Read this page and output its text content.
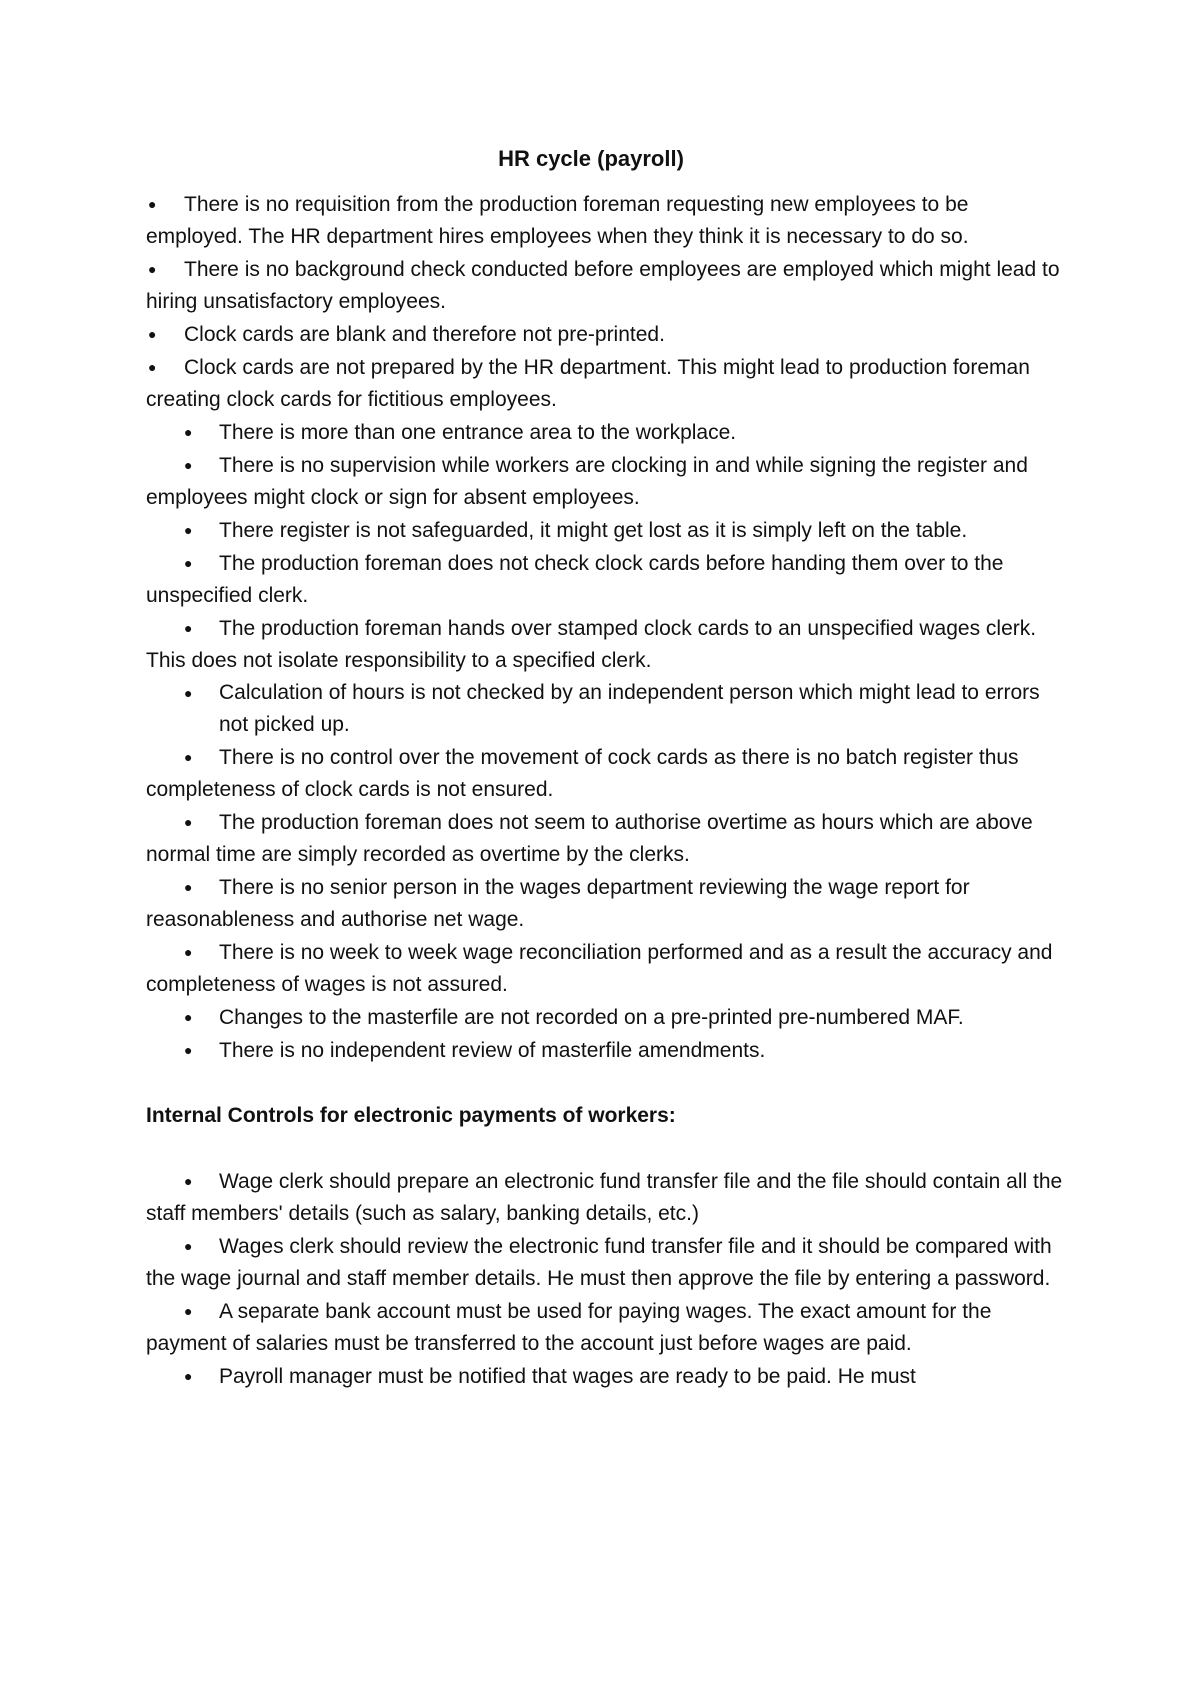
HR cycle (payroll)
● There is no requisition from the production foreman requesting new employees to be employed. The HR department hires employees when they think it is necessary to do so.
● There is no background check conducted before employees are employed which might lead to hiring unsatisfactory employees.
● Clock cards are blank and therefore not pre-printed.
● Clock cards are not prepared by the HR department. This might lead to production foreman creating clock cards for fictitious employees.
● There is more than one entrance area to the workplace.
● There is no supervision while workers are clocking in and while signing the register and employees might clock or sign for absent employees.
● There register is not safeguarded, it might get lost as it is simply left on the table.
● The production foreman does not check clock cards before handing them over to the unspecified clerk.
● The production foreman hands over stamped clock cards to an unspecified wages clerk. This does not isolate responsibility to a specified clerk.
●	Calculation of hours is not checked by an independent person which might lead to errors not picked up.
● There is no control over the movement of cock cards as there is no batch register thus completeness of clock cards is not ensured.
● The production foreman does not seem to authorise overtime as hours which are above normal time are simply recorded as overtime by the clerks.
● There is no senior person in the wages department reviewing the wage report for reasonableness and authorise net wage.
● There is no week to week wage reconciliation performed and as a result the accuracy and completeness of wages is not assured.
● Changes to the masterfile are not recorded on a pre-printed pre-numbered MAF.
● There is no independent review of masterfile amendments.
Internal Controls for electronic payments of workers:
● Wage clerk should prepare an electronic fund transfer file and the file should contain all the staff members' details (such as salary, banking details, etc.)
● Wages clerk should review the electronic fund transfer file and it should be compared with the wage journal and staff member details. He must then approve the file by entering a password.
● A separate bank account must be used for paying wages. The exact amount for the payment of salaries must be transferred to the account just before wages are paid.
● Payroll manager must be notified that wages are ready to be paid. He must
